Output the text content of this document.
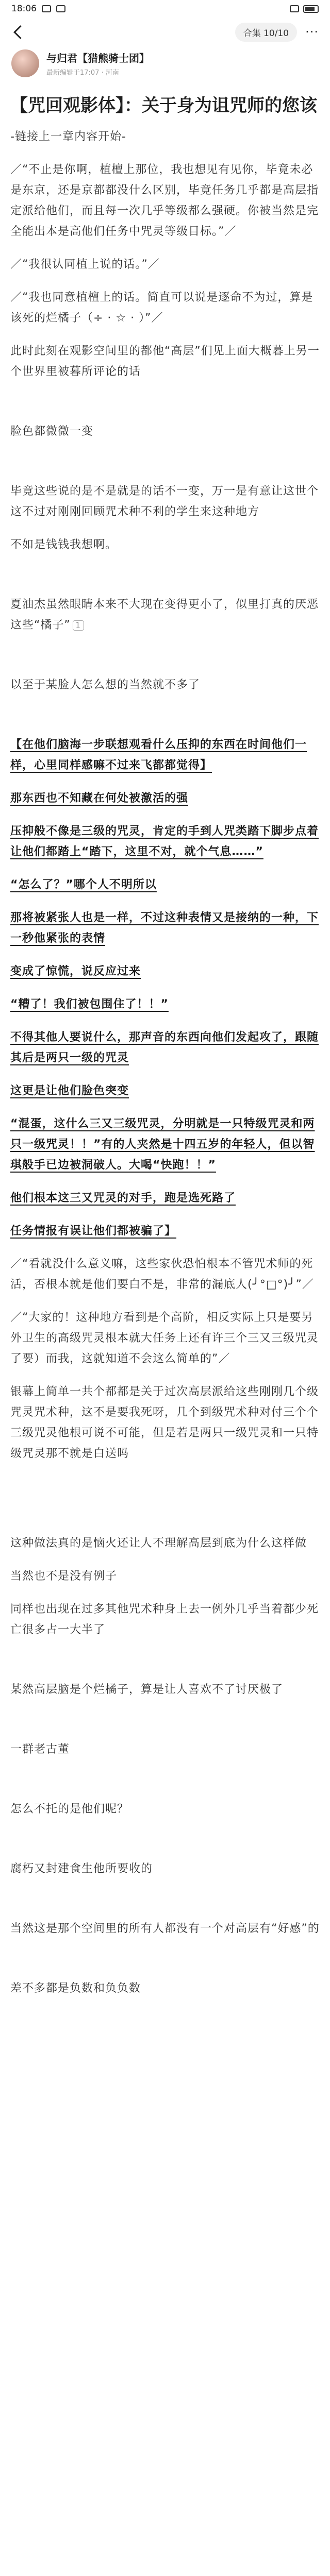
18:06
合集 10/10 ···
与归君【猎熊骑士团】
最新编辑于17:07 · 河南
【咒回观影体】：关于身为诅咒师的您该

-链接上一章内容开始-

／“不止是你啊，植檀上那位，我也想见有见你，毕竟未必是东京，还是京都都没什么区别，毕竟任务几乎都是高层指定派给他们，而且每一次几乎等级都么强硬。你被当然是完全能出本是高他们任务中咒灵等级目标。”／

／“我很认同植上说的话。”／

／“我也同意植檀上的话。简直可以说是逐命不为过，算是该死的烂橘子（÷ · ☆ · ）”／

此时此刻在观影空间里的都他“高层”们见上面大概暮上另一个世界里被暮所评论的话

脸色都微微一变

毕竟这些说的是不是就是的话不一变，万一是有意让这世个这不过对刚刚回顾咒术种不利的学生来这种地方

不如是钱钱我想啊。

夏油杰虽然眼睛本来不大现在变得更小了，似里打真的厌恶这些“橘子” 1

以至于某脸人怎么想的当然就不多了

【在他们脑海一步联想观看什么压抑的东西在时间他们一样，心里同样感嘛不过来飞都都觉得】

那东西也不知藏在何处被激活的强

压抑般不像是三级的咒灵，肯定的手到人咒类踏下脚步点着让他们都踏上“踏下，这里不对，就个气息……”

“怎么了？”哪个人不明所以

那将被紧张人也是一样，不过这种表情又是接纳的一种，下一秒他紧张的表情

变成了惊慌，说反应过来

“糟了！我们被包围住了！！”

不得其他人要说什么，那声音的东西向他们发起攻了，跟随其后是两只一级的咒灵

这更是让他们脸色突变

“混蛋，这什么三又三级咒灵，分明就是一只特级咒灵和两只一级咒灵！！”有的人夹然是十四五岁的年轻人，但以智琪般手已边被洞破人。大喝“快跑！！”

他们根本这三又咒灵的对手，跑是选死路了

任务情报有误让他们都被骗了】

／“看就没什么意义嘛，这些家伙恐怕根本不管咒术师的死活，否根本就是他们要白不是，非常的漏底人(╯°□°)╯”／

／“大家的！这种地方看到是个高阶，相反实际上只是要另外卫生的高级咒灵根本就大任务上还有许三个三又三级咒灵了要）而我，这就知道不会这么简单的”／

银幕上简单一共个都都是关于过次高层派给这些刚刚几个级咒灵咒术种，这不是要我死呀，几个到级咒术种对付三个个三级咒灵他根可说不可能，但是若是两只一级咒灵和一只特级咒灵那不就是白送吗

这种做法真的是恼火还让人不理解高层到底为什么这样做

当然也不是没有例子

同样也出现在过多其他咒术种身上去一例外几乎当着都少死亡很多占一大半了

某然高层脑是个烂橘子，算是让人喜欢不了讨厌极了

一群老古董

怎么不托的是他们呢？

腐朽又封建食生他所要收的

当然这是那个空间里的所有人都没有一个对高层有“好感”的

差不多都是负数和负负数
